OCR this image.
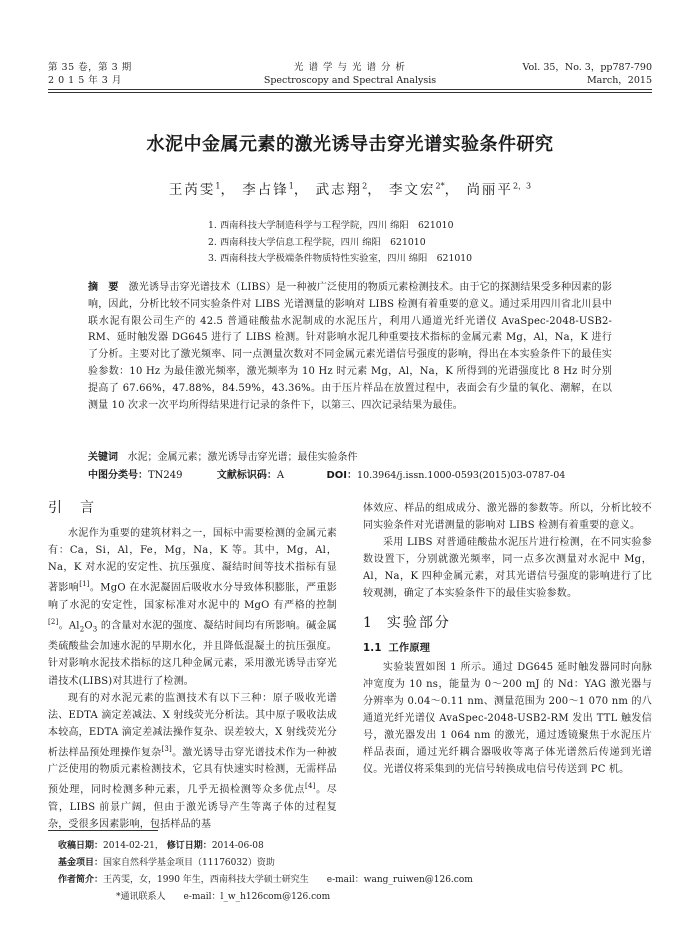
第 35 卷，第 3 期
2 0 1 5 年 3 月
光 谱 学 与 光 谱 分 析
Spectroscopy and Spectral Analysis
Vol. 35，No. 3，pp787-790
March，2015
水泥中金属元素的激光诱导击穿光谱实验条件研究
王芮雯$^1$， 李占锋$^1$， 武志翔$^2$， 李文宏$^{2*}$， 尚丽平$^{2,3}$
1. 西南科技大学制造科学与工程学院，四川 绵阳　621010
2. 西南科技大学信息工程学院，四川 绵阳　621010
3. 西南科技大学极端条件物质特性实验室，四川 绵阳　621010
摘　要 激光诱导击穿光谱技术（LIBS）是一种被广泛使用的物质元素检测技术。由于它的探测结果受多种因素的影响，因此，分析比较不同实验条件对 LIBS 光谱测量的影响对 LIBS 检测有着重要的意义。通过采用四川省北川县中联水泥有限公司生产的 42.5 普通硅酸盐水泥制成的水泥压片，利用八通道光纤光谱仪 AvaSpec-2048-USB2-RM、延时触发器 DG645 进行了 LIBS 检测。针对影响水泥几种重要技术指标的金属元素 Mg，Al，Na，K 进行了分析。主要对比了激光频率、同一点测量次数对不同金属元素光谱信号强度的影响，得出在本实验条件下的最佳实验参数：10 Hz 为最佳激光频率，激光频率为 10 Hz 时元素 Mg，Al，Na，K 所得到的光谱强度比 8 Hz 时分别提高了 67.66%，47.88%，84.59%，43.36%。由于压片样品在放置过程中，表面会有少量的氧化、潮解，在以测量 10 次求一次平均所得结果进行记录的条件下，以第三、四次记录结果为最佳。
关键词 水泥；金属元素；激光诱导击穿光谱；最佳实验条件
中图分类号：TN249	文献标识码：A	DOI：10.3964/j.issn.1000-0593(2015)03-0787-04
引　言

水泥作为重要的建筑材料之一，国标中需要检测的金属元素有：Ca，Si，Al，Fe，Mg，Na，K 等。其中，Mg，Al，Na，K 对水泥的安定性、抗压强度、凝结时间等技术指标有显著影响[1]。MgO 在水泥凝固后吸收水分导致体积膨胀，严重影响了水泥的安定性，国家标准对水泥中的 MgO 有严格的控制[2]。$Al_2O_3$ 的含量对水泥的强度、凝结时间均有所影响。碱金属类硫酸盐会加速水泥的早期水化，并且降低混凝土的抗压强度。针对影响水泥技术指标的这几种金属元素，采用激光诱导击穿光谱技术(LIBS)对其进行了检测。

现有的对水泥元素的监测技术有以下三种：原子吸收光谱法、EDTA 滴定差减法、X 射线荧光分析法。其中原子吸收法成本较高，EDTA 滴定差减法操作复杂、误差较大，X 射线荧光分析法样品预处理操作复杂[3]。激光诱导击穿光谱技术作为一种被广泛使用的物质元素检测技术，它具有快速实时检测，无需样品预处理，同时检测多种元素，几乎无损检测等众多优点[4]。尽管，LIBS 前景广阔，但由于激光诱导产生等离子体的过程复杂，受很多因素影响，包括样品的基

体效应、样品的组成成分、激光器的参数等。所以，分析比较不同实验条件对光谱测量的影响对 LIBS 检测有着重要的意义。

采用 LIBS 对普通硅酸盐水泥压片进行检测，在不同实验参数设置下，分别就激光频率，同一点多次测量对水泥中 Mg，Al，Na，K 四种金属元素，对其光谱信号强度的影响进行了比较观测，确定了本实验条件下的最佳实验参数。

1 实验部分
1.1 工作原理

实验装置如图 1 所示。通过 DG645 延时触发器同时向脉冲宽度为 10 ns，能量为 0～200 mJ 的 Nd：YAG 激光器与分辨率为 0.04～0.11 nm、测量范围为 200～1 070 nm 的八通道光纤光谱仪 AvaSpec-2048-USB2-RM 发出 TTL 触发信号，激光器发出 1 064 nm 的激光，通过透镜聚焦于水泥压片样品表面，通过光纤耦合器吸收等离子体光谱然后传递到光谱仪。光谱仪将采集到的光信号转换成电信号传送到 PC 机。

收稿日期：2014-02-21， 修订日期：2014-06-08
基金项目：国家自然科学基金项目（11176032）资助
作者简介：王芮雯，女，1990 年生，西南科技大学硕士研究生　　e-mail：wang_ruiwen@126.com
*通讯联系人　　e-mail：l_w_h126com@126.com
